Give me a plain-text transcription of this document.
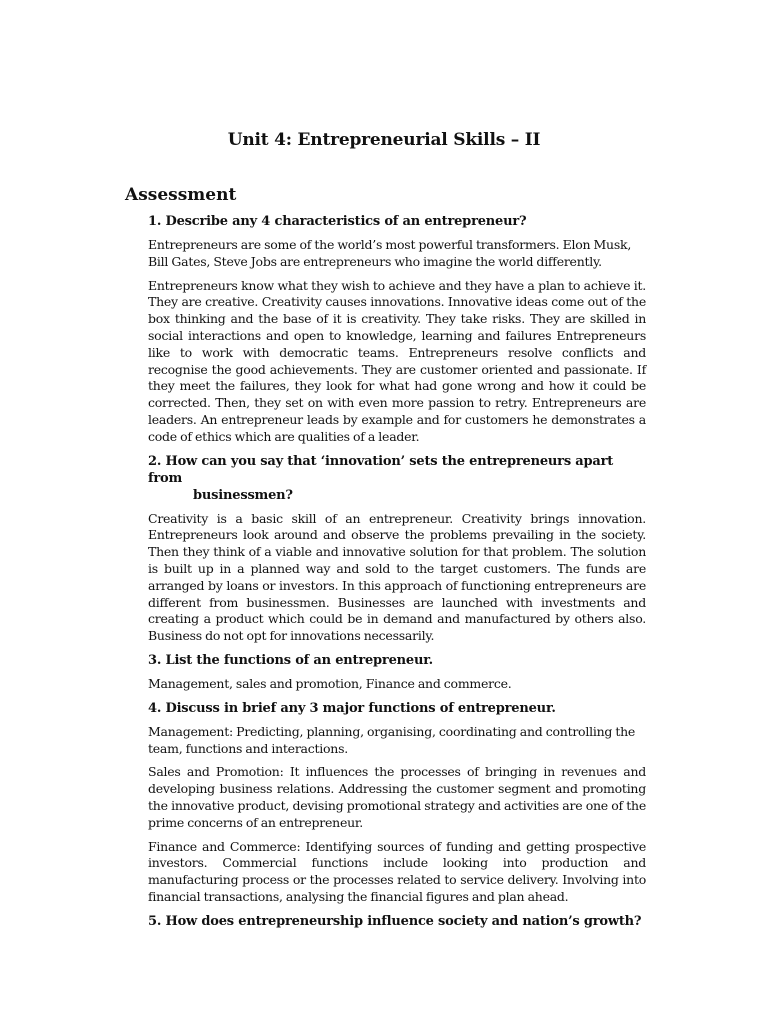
Unit 4: Entrepreneurial Skills – II
Assessment
1. Describe any 4 characteristics of an entrepreneur?
Entrepreneurs are some of the world’s most powerful transformers. Elon Musk, Bill Gates, Steve Jobs are entrepreneurs who imagine the world differently.
Entrepreneurs know what they wish to achieve and they have a plan to achieve it. They are creative. Creativity causes innovations. Innovative ideas come out of the box thinking and the base of it is creativity. They take risks. They are skilled in social interactions and open to knowledge, learning and failures Entrepreneurs like to work with democratic teams. Entrepreneurs resolve conflicts and recognise the good achievements. They are customer oriented and passionate. If they meet the failures, they look for what had gone wrong and how it could be corrected. Then, they set on with even more passion to retry. Entrepreneurs are leaders. An entrepreneur leads by example and for customers he demonstrates a code of ethics which are qualities of a leader.
2. How can you say that ‘innovation’ sets the entrepreneurs apart from
businessmen?
Creativity is a basic skill of an entrepreneur. Creativity brings innovation. Entrepreneurs look around and observe the problems prevailing in the society. Then they think of a viable and innovative solution for that problem. The solution is built up in a planned way and sold to the target customers. The funds are arranged by loans or investors. In this approach of functioning entrepreneurs are different from businessmen. Businesses are launched with investments and creating a product which could be in demand and manufactured by others also. Business do not opt for innovations necessarily.
3. List the functions of an entrepreneur.
Management, sales and promotion, Finance and commerce.
4. Discuss in brief any 3 major functions of entrepreneur.
Management: Predicting, planning, organising, coordinating and controlling the team, functions and interactions.
Sales and Promotion: It influences the processes of bringing in revenues and developing business relations. Addressing the customer segment and promoting the innovative product, devising promotional strategy and activities are one of the prime concerns of an entrepreneur.
Finance and Commerce: Identifying sources of funding and getting prospective investors. Commercial functions include looking into production and manufacturing process or the processes related to service delivery. Involving into financial transactions, analysing the financial figures and plan ahead.
5. How does entrepreneurship influence society and nation’s growth?
